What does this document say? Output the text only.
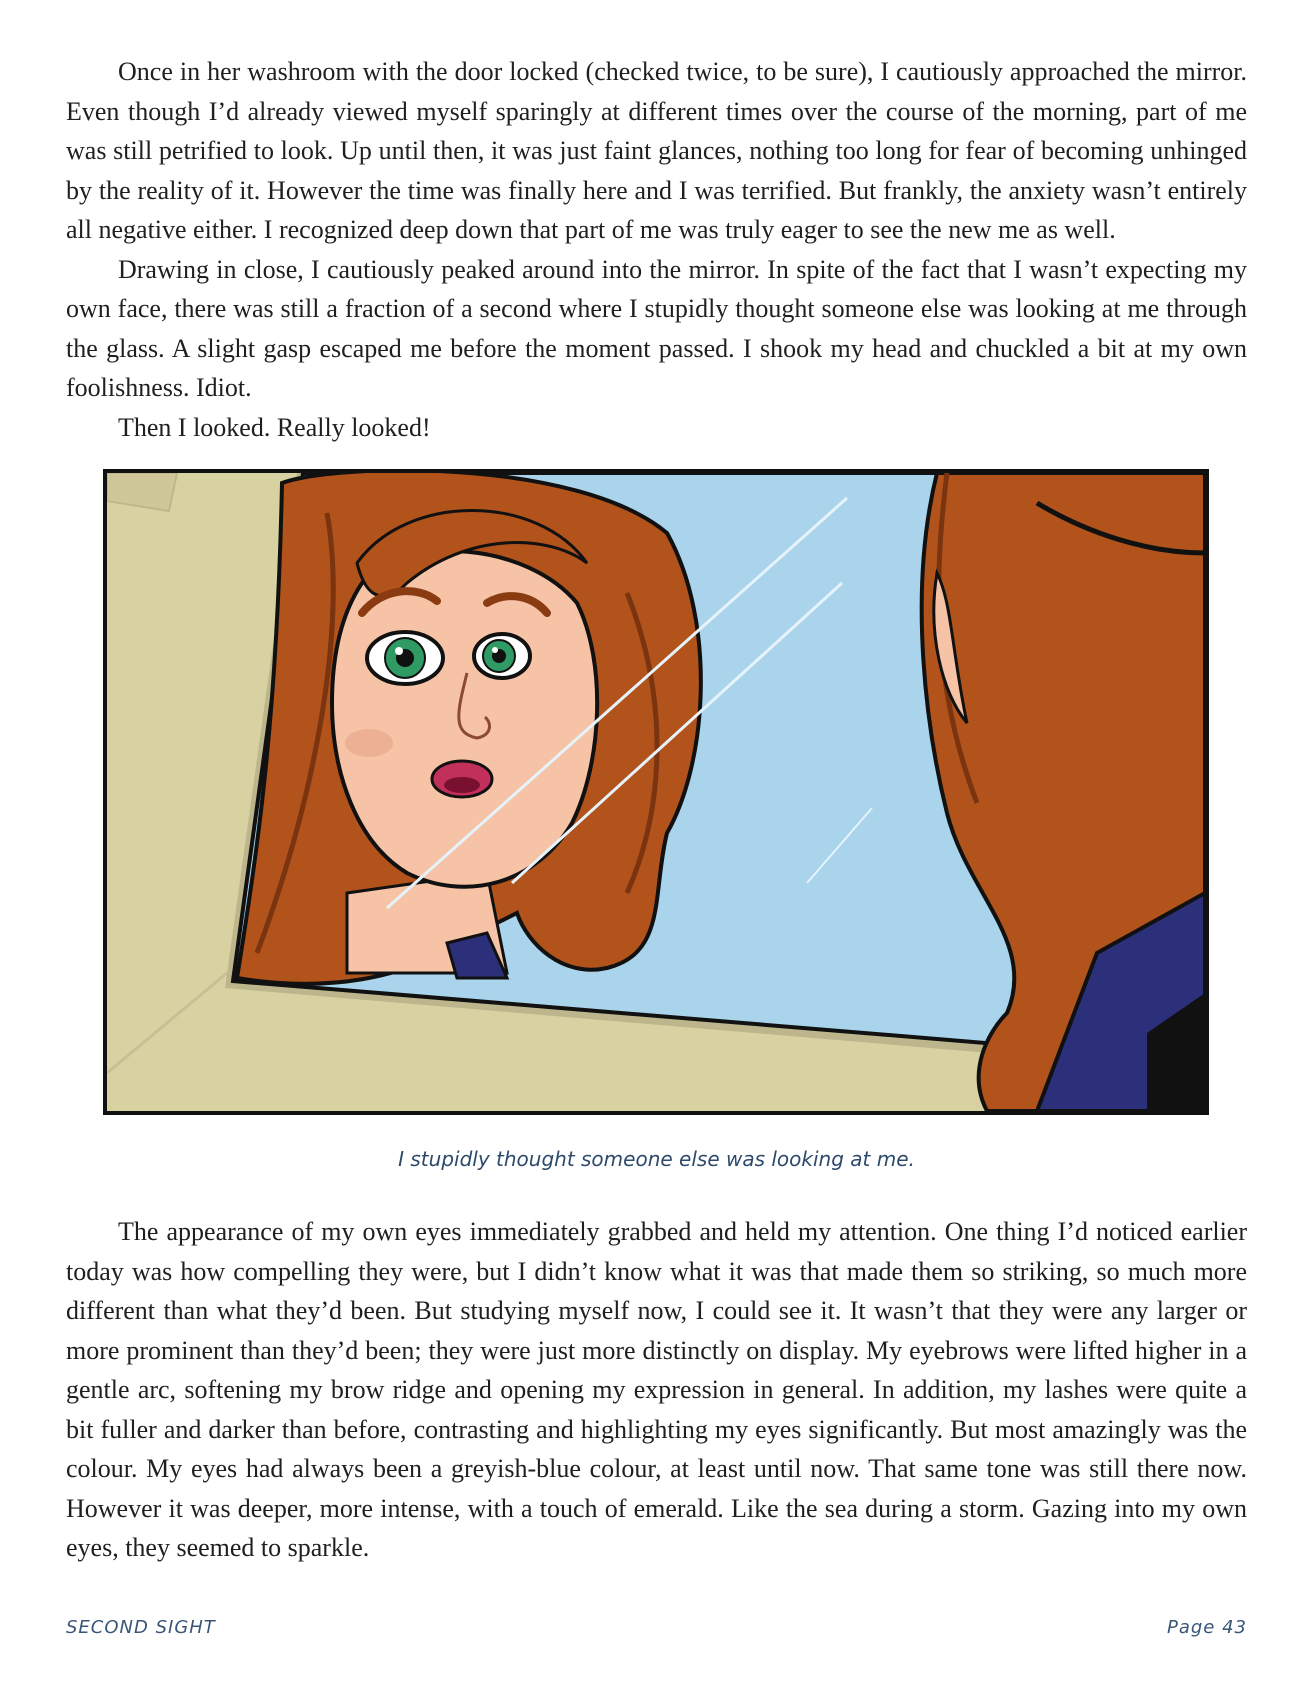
Once in her washroom with the door locked (checked twice, to be sure), I cautiously approached the mirror. Even though I’d already viewed myself sparingly at different times over the course of the morning, part of me was still petrified to look. Up until then, it was just faint glances, nothing too long for fear of becoming unhinged by the reality of it. However the time was finally here and I was terrified. But frankly, the anxiety wasn’t entirely all negative either. I recognized deep down that part of me was truly eager to see the new me as well.

Drawing in close, I cautiously peaked around into the mirror. In spite of the fact that I wasn’t expecting my own face, there was still a fraction of a second where I stupidly thought someone else was looking at me through the glass. A slight gasp escaped me before the moment passed. I shook my head and chuckled a bit at my own foolishness. Idiot.

Then I looked. Really looked!

I stupidly thought someone else was looking at me.

The appearance of my own eyes immediately grabbed and held my attention. One thing I’d noticed earlier today was how compelling they were, but I didn’t know what it was that made them so striking, so much more different than what they’d been. But studying myself now, I could see it. It wasn’t that they were any larger or more prominent than they’d been; they were just more distinctly on display. My eyebrows were lifted higher in a gentle arc, softening my brow ridge and opening my expression in general. In addition, my lashes were quite a bit fuller and darker than before, contrasting and highlighting my eyes significantly. But most amazingly was the colour. My eyes had always been a greyish-blue colour, at least until now. That same tone was still there now. However it was deeper, more intense, with a touch of emerald. Like the sea during a storm. Gazing into my own eyes, they seemed to sparkle.

SECOND SIGHT	Page 43
